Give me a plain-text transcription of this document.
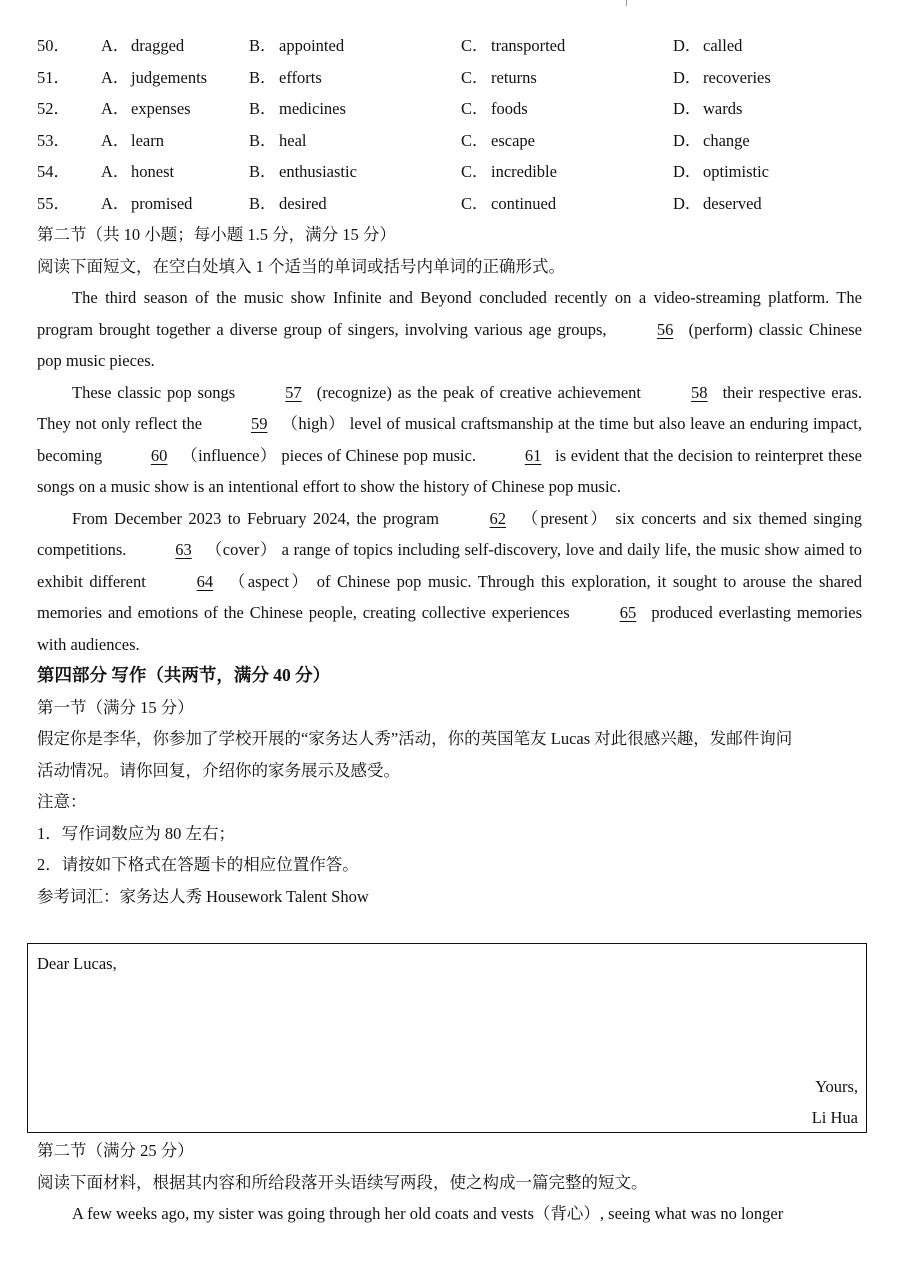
50． A．dragged	B． appointed	C． transported	D．called
51． A．judgements	B． efforts	C． returns	D．recoveries
52． A．expenses	B． medicines	C． foods	D．wards
53． A．learn	B． heal	C． escape	D．change
54． A．honest	B． enthusiastic	C． incredible	D．optimistic
55． A．promised	B． desired	C． continued	D．deserved
第二节（共 10 小题；每小题 1.5 分，满分 15 分）
阅读下面短文，在空白处填入 1 个适当的单词或括号内单词的正确形式。
The third season of the music show Infinite and Beyond concluded recently on a video-streaming platform. The program brought together a diverse group of singers, involving various age groups,	56 (perform) classic Chinese pop music pieces.
These classic pop songs	57 (recognize) as the peak of creative achievement	58 their respective eras. They not only reflect the	59 （high） level of musical craftsmanship at the time but also leave an enduring impact, becoming	60 （influence） pieces of Chinese pop music.	61 is evident that the decision to reinterpret these songs on a music show is an intentional effort to show the history of Chinese pop music.
From December 2023 to February 2024, the program	62 （present） six concerts and six themed singing competitions.	63 （cover） a range of topics including self-discovery, love and daily life, the music show aimed to exhibit different	64 （aspect） of Chinese pop music. Through this exploration, it sought to arouse the shared memories and emotions of the Chinese people, creating collective experiences	65 produced everlasting memories with audiences.
第四部分 写作（共两节，满分 40 分）
第一节（满分 15 分）
假定你是李华，你参加了学校开展的“家务达人秀”活动，你的英国笔友 Lucas 对此很感兴趣，发邮件询问
活动情况。请你回复，介绍你的家务展示及感受。
注意：
1．写作词数应为 80 左右；
2．请按如下格式在答题卡的相应位置作答。
参考词汇：家务达人秀 Housework Talent Show
Dear Lucas,
Yours,
Li Hua
第二节（满分 25 分）
阅读下面材料，根据其内容和所给段落开头语续写两段，使之构成一篇完整的短文。
A few weeks ago, my sister was going through her old coats and vests（背心）, seeing what was no longer
